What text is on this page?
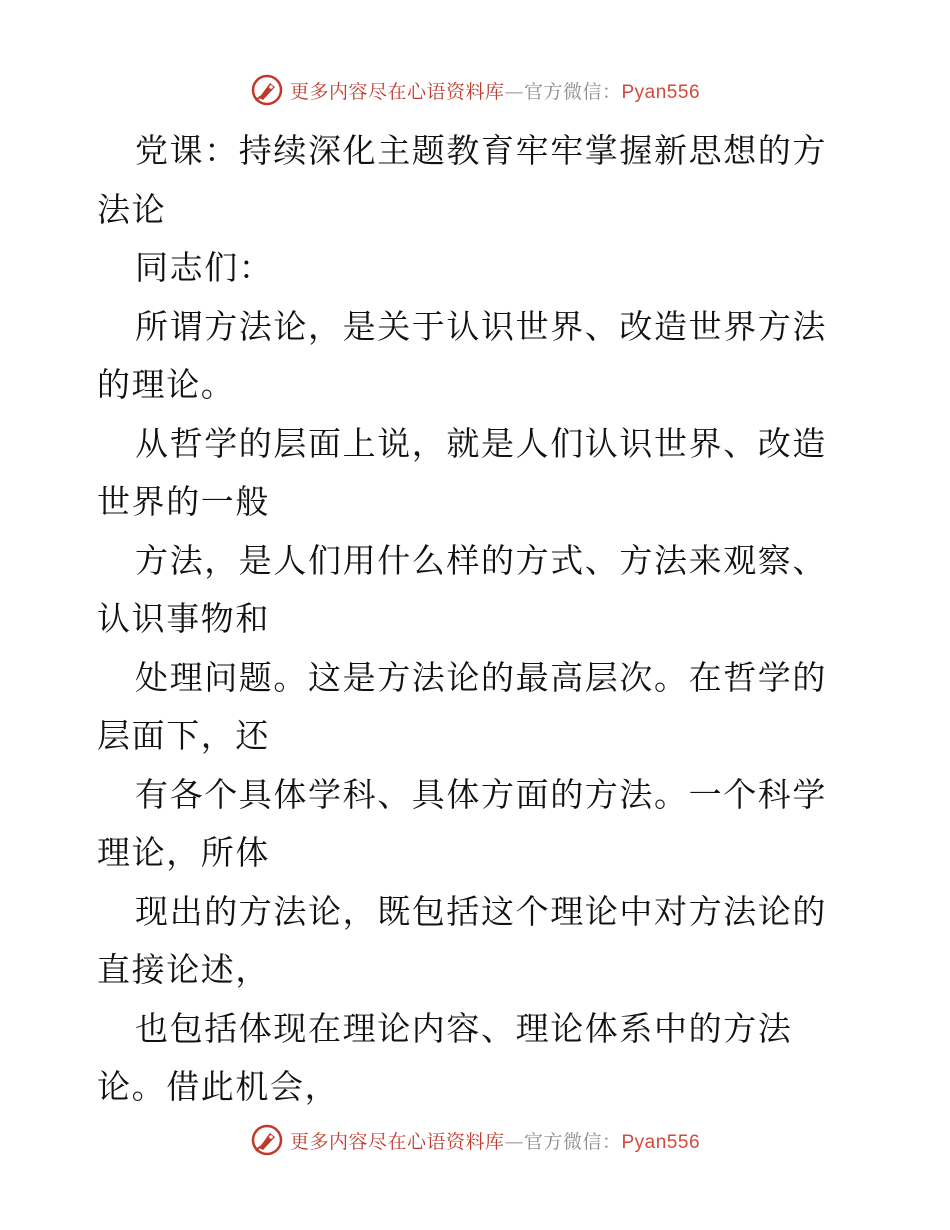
更多内容尽在心语资料库—官方微信：Pyan556

党课：持续深化主题教育牢牢掌握新思想的方法论

同志们：

所谓方法论，是关于认识世界、改造世界方法的理论。

从哲学的层面上说，就是人们认识世界、改造世界的一般

方法，是人们用什么样的方式、方法来观察、认识事物和

处理问题。这是方法论的最高层次。在哲学的层面下，还

有各个具体学科、具体方面的方法。一个科学理论，所体

现出的方法论，既包括这个理论中对方法论的直接论述，

也包括体现在理论内容、理论体系中的方法论。借此机会，

更多内容尽在心语资料库—官方微信：Pyan556
